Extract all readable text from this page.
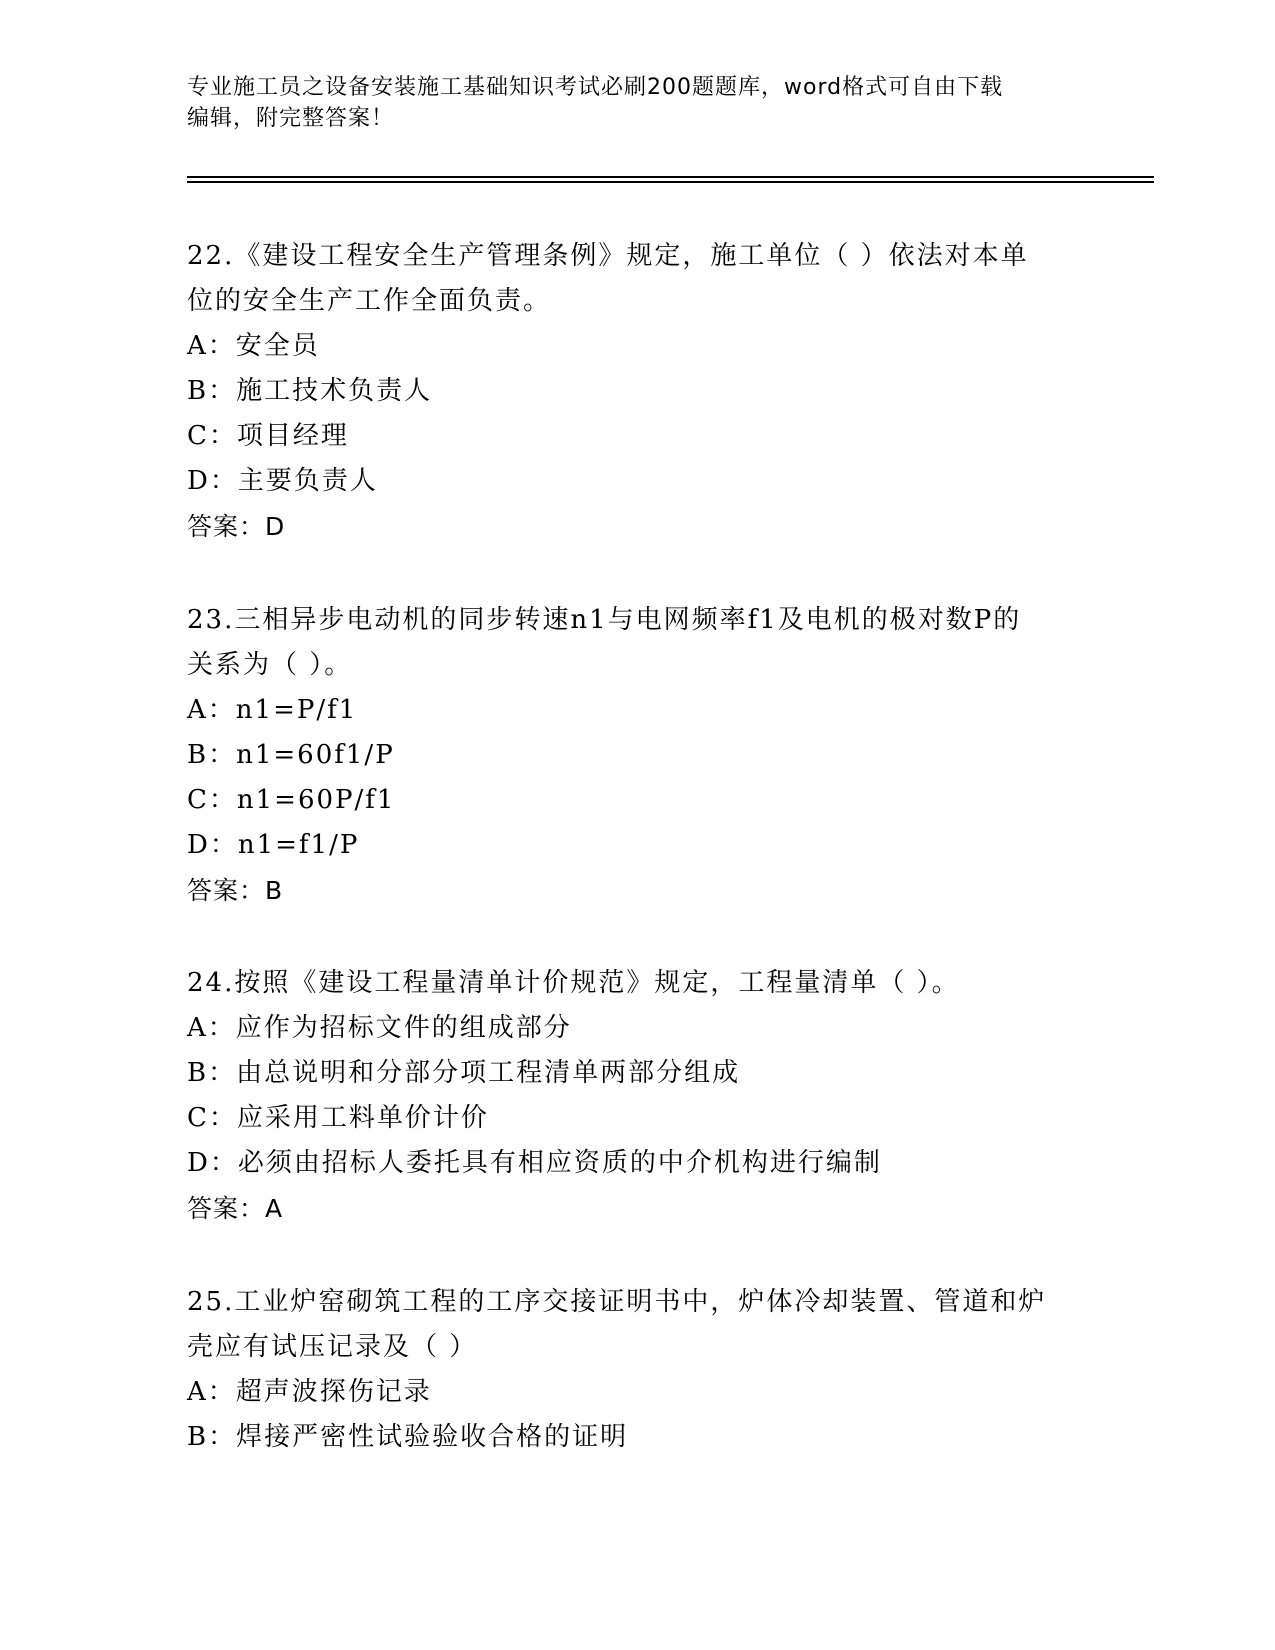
专业施工员之设备安装施工基础知识考试必刷200题题库，word格式可自由下载
编辑，附完整答案！

22.《建设工程安全生产管理条例》规定，施工单位（ ）依法对本单

位的安全生产工作全面负责。

A：安全员

B：施工技术负责人

C：项目经理

D：主要负责人

答案：D

23.三相异步电动机的同步转速n1与电网频率f1及电机的极对数P的

关系为（ ）。

A：n1=P/f1

B：n1=60f1/P

C：n1=60P/f1

D：n1=f1/P

答案：B

24.按照《建设工程量清单计价规范》规定，工程量清单（ ）。

A：应作为招标文件的组成部分

B：由总说明和分部分项工程清单两部分组成

C：应采用工料单价计价

D：必须由招标人委托具有相应资质的中介机构进行编制

答案：A

25.工业炉窑砌筑工程的工序交接证明书中，炉体冷却装置、管道和炉

壳应有试压记录及（ ）

A：超声波探伤记录

B：焊接严密性试验验收合格的证明
